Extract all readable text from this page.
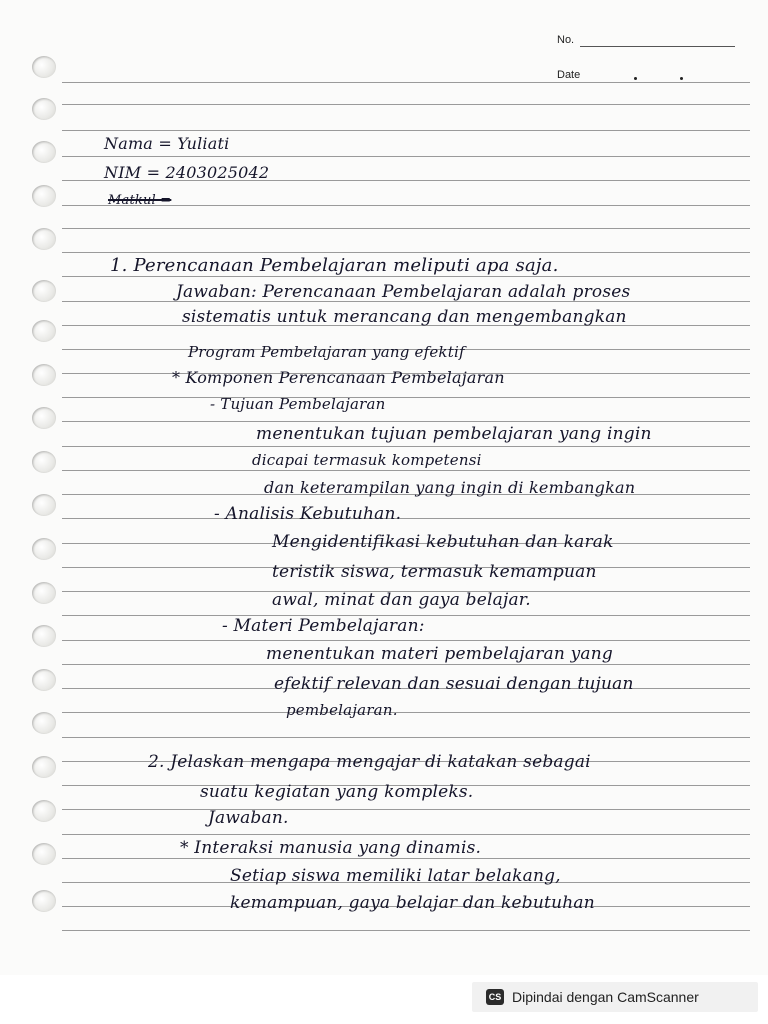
No.
Date
Nama = Yuliati
NIM = 2403025042
Matkul =
1. Perencanaan Pembelajaran meliputi apa saja.
Jawaban: Perencanaan Pembelajaran adalah proses
sistematis untuk merancang dan mengembangkan
Program Pembelajaran yang efektif
* Komponen Perencanaan Pembelajaran
- Tujuan Pembelajaran
menentukan tujuan pembelajaran yang ingin
dicapai termasuk kompetensi
dan keterampilan yang ingin di kembangkan
- Analisis Kebutuhan.
Mengidentifikasi kebutuhan dan karak
teristik siswa, termasuk kemampuan
awal, minat dan gaya belajar.
- Materi Pembelajaran:
menentukan materi pembelajaran yang
efektif relevan dan sesuai dengan tujuan
pembelajaran.
2. Jelaskan mengapa mengajar di katakan sebagai
suatu kegiatan yang kompleks.
Jawaban.
* Interaksi manusia yang dinamis.
Setiap siswa memiliki latar belakang,
kemampuan, gaya belajar dan kebutuhan
CS Dipindai dengan CamScanner
